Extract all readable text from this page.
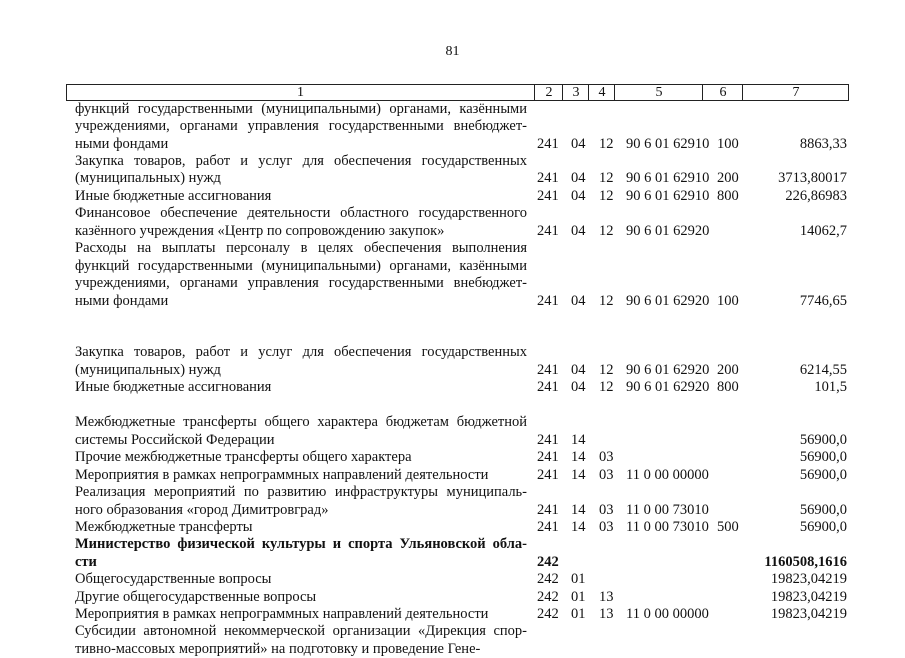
81
1	2	3	4	5	6	7
функций государственными (муниципальными) органами, казёнными учреждениями, органами управления государственными внебюджет-ными фондами	241 04 12 90 6 01 62910 100	8863,33
Закупка товаров, работ и услуг для обеспечения государственных (муниципальных) нужд	241 04 12 90 6 01 62910 200	3713,80017
Иные бюджетные ассигнования	241 04 12 90 6 01 62910 800	226,86983
Финансовое обеспечение деятельности областного государственного казённого учреждения «Центр по сопровождению закупок»	241 04 12 90 6 01 62920	14062,7
Расходы на выплаты персоналу в целях обеспечения выполнения функций государственными (муниципальными) органами, казёнными учреждениями, органами управления государственными внебюджет-ными фондами	241 04 12 90 6 01 62920 100	7746,65
Закупка товаров, работ и услуг для обеспечения государственных (муниципальных) нужд	241 04 12 90 6 01 62920 200	6214,55
Иные бюджетные ассигнования	241 04 12 90 6 01 62920 800	101,5
Межбюджетные трансферты общего характера бюджетам бюджетной системы Российской Федерации	241 14	56900,0
Прочие межбюджетные трансферты общего характера	241 14 03	56900,0
Мероприятия в рамках непрограммных направлений деятельности	241 14 03 11 0 00 00000	56900,0
Реализация мероприятий по развитию инфраструктуры муниципаль-ного образования «город Димитровград»	241 14 03 11 0 00 73010	56900,0
Межбюджетные трансферты	241 14 03 11 0 00 73010 500	56900,0
Министерство физической культуры и спорта Ульяновской обла-сти	242	1160508,1616
Общегосударственные вопросы	242 01	19823,04219
Другие общегосударственные вопросы	242 01 13	19823,04219
Мероприятия в рамках непрограммных направлений деятельности	242 01 13 11 0 00 00000	19823,04219
Субсидии автономной некоммерческой организации «Дирекция спор-тивно-массовых мероприятий» на подготовку и проведение Гене-
